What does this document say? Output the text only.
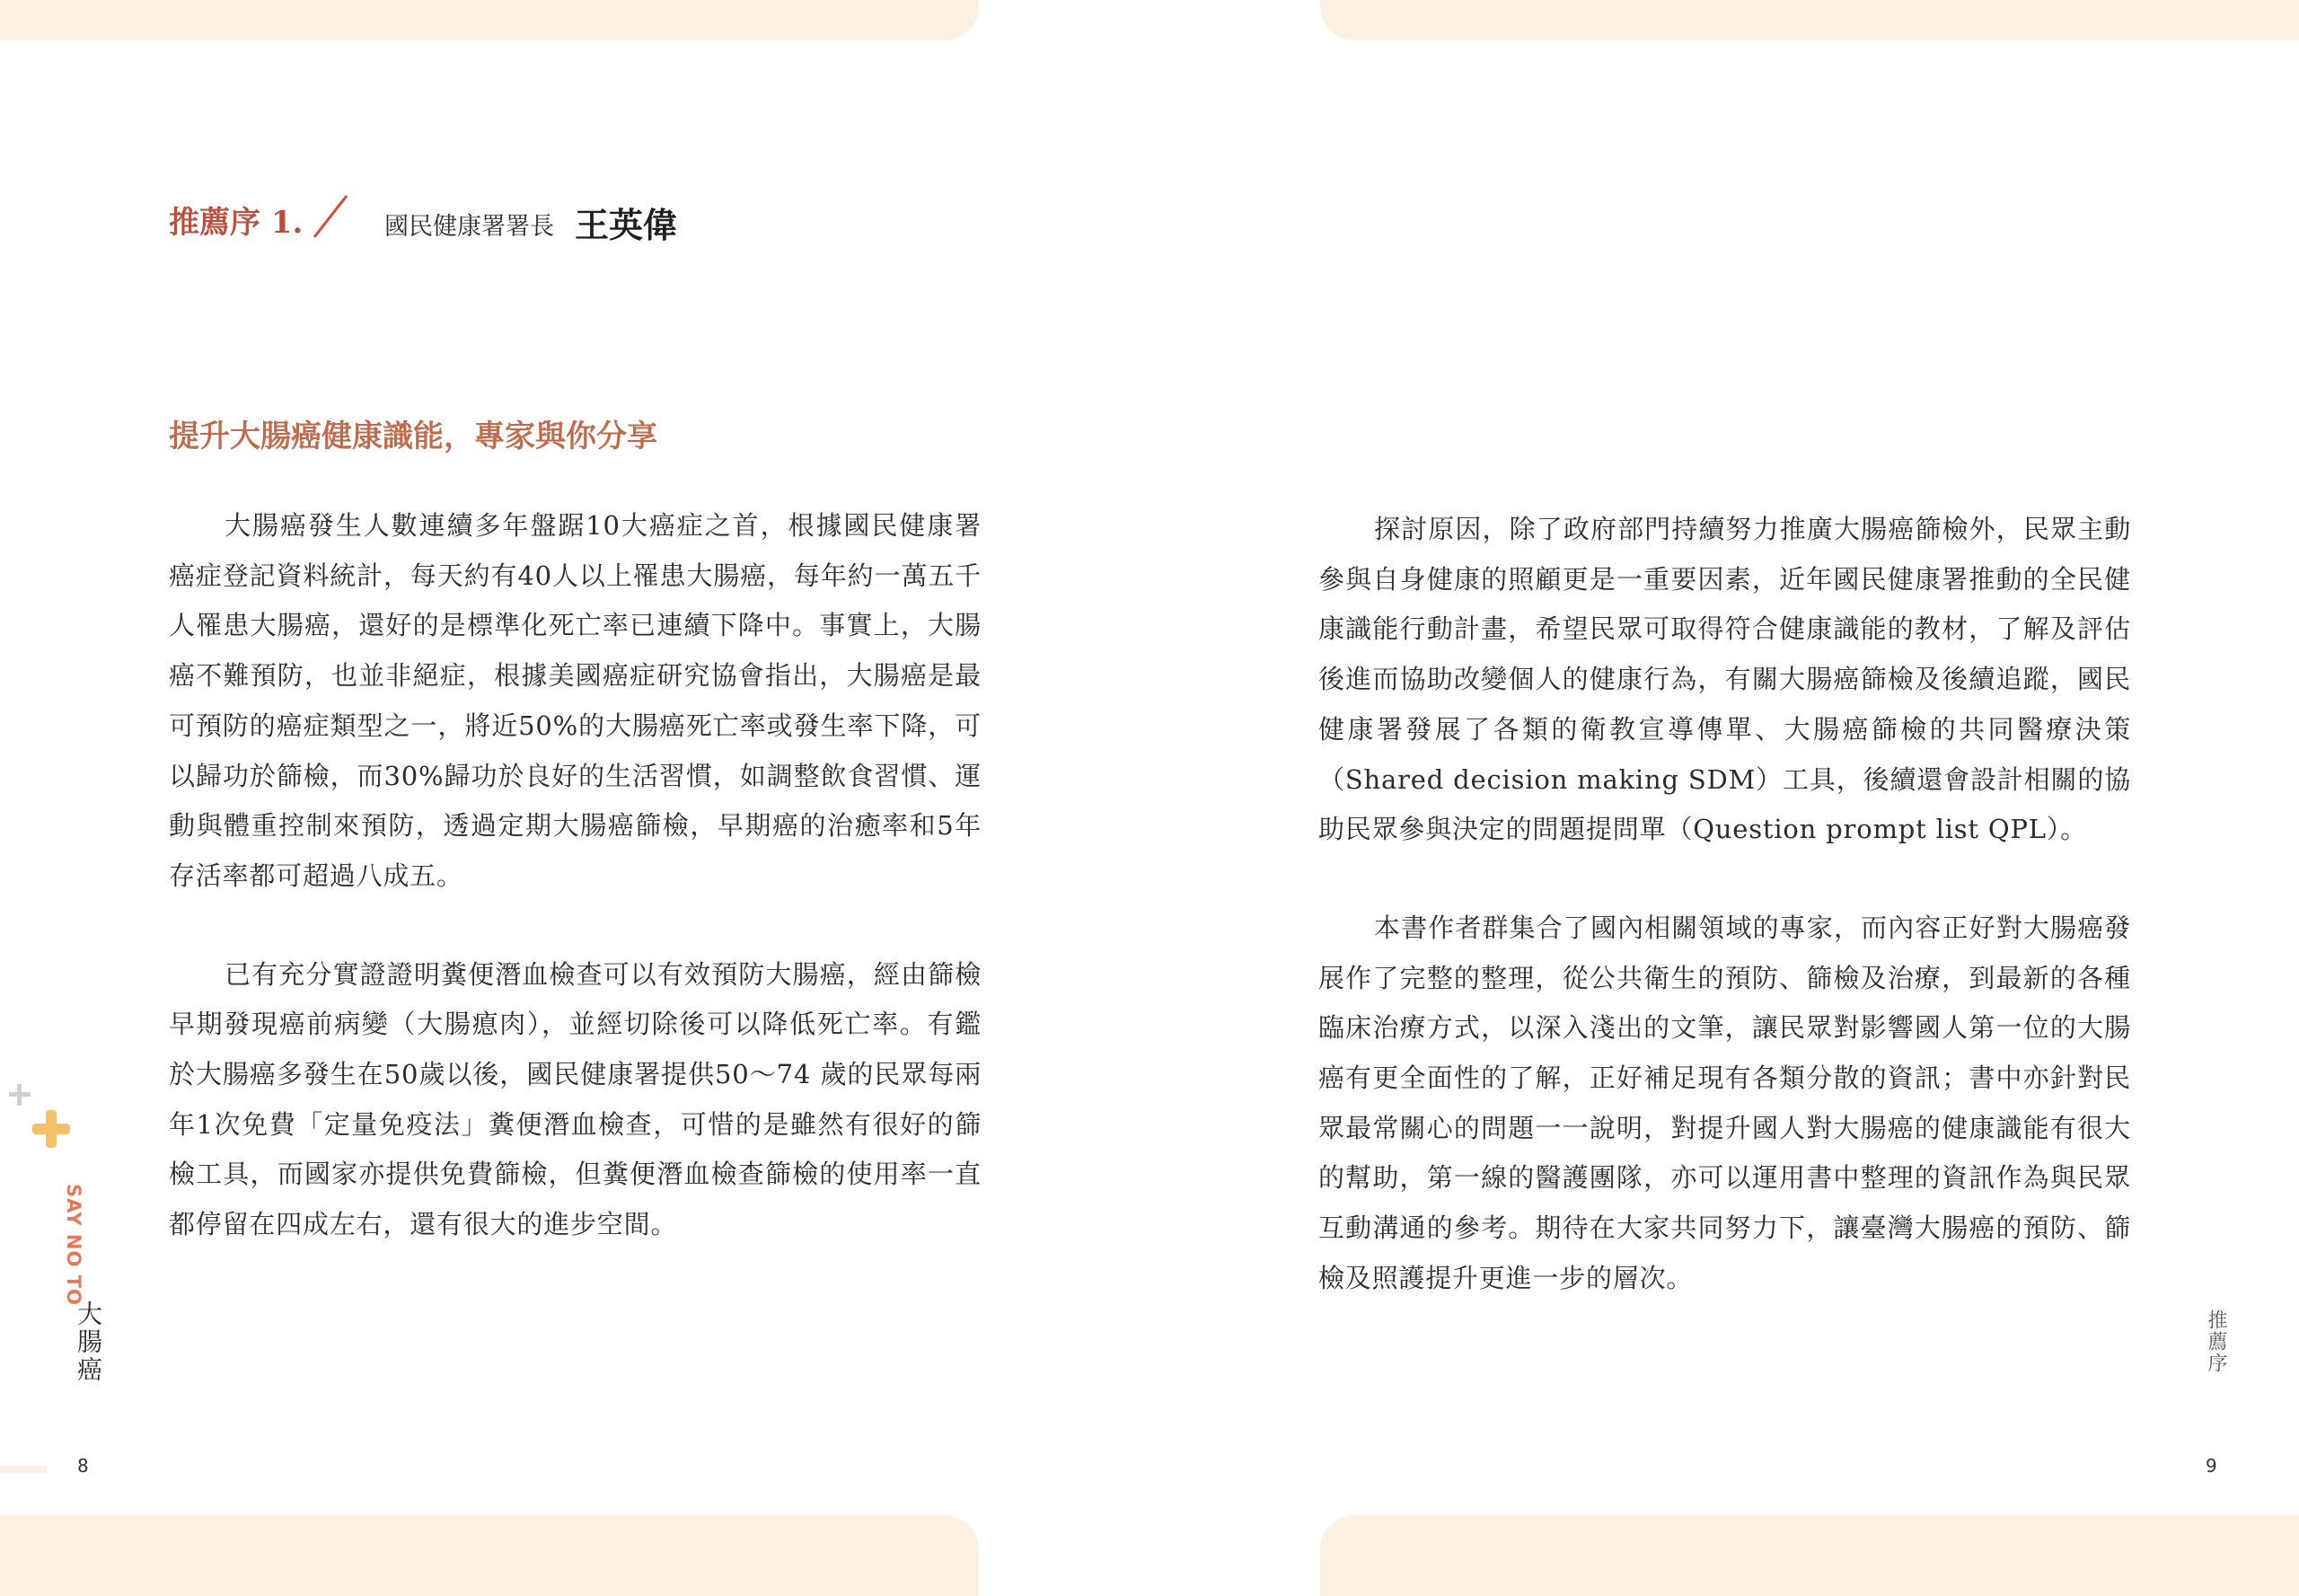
推薦序 1.	國民健康署署長 王英偉
提升大腸癌健康識能，專家與你分享

大腸癌發生人數連續多年盤踞10大癌症之首，根據國民健康署癌症登記資料統計，每天約有40人以上罹患大腸癌，每年約一萬五千人罹患大腸癌，還好的是標準化死亡率已連續下降中。事實上，大腸癌不難預防，也並非絕症，根據美國癌症研究協會指出，大腸癌是最可預防的癌症類型之一，將近50%的大腸癌死亡率或發生率下降，可以歸功於篩檢，而30%歸功於良好的生活習慣，如調整飲食習慣、運動與體重控制來預防，透過定期大腸癌篩檢，早期癌的治癒率和5年存活率都可超過八成五。

已有充分實證證明糞便潛血檢查可以有效預防大腸癌，經由篩檢早期發現癌前病變（大腸瘜肉），並經切除後可以降低死亡率。有鑑於大腸癌多發生在50歲以後，國民健康署提供50～74 歲的民眾每兩年1次免費「定量免疫法」糞便潛血檢查，可惜的是雖然有很好的篩檢工具，而國家亦提供免費篩檢，但糞便潛血檢查篩檢的使用率一直都停留在四成左右，還有很大的進步空間。

探討原因，除了政府部門持續努力推廣大腸癌篩檢外，民眾主動參與自身健康的照顧更是一重要因素，近年國民健康署推動的全民健康識能行動計畫，希望民眾可取得符合健康識能的教材，了解及評估後進而協助改變個人的健康行為，有關大腸癌篩檢及後續追蹤，國民健康署發展了各類的衛教宣導傳單、大腸癌篩檢的共同醫療決策（Shared decision making SDM）工具，後續還會設計相關的協助民眾參與決定的問題提問單（Question prompt list QPL）。

本書作者群集合了國內相關領域的專家，而內容正好對大腸癌發展作了完整的整理，從公共衛生的預防、篩檢及治療，到最新的各種臨床治療方式，以深入淺出的文筆，讓民眾對影響國人第一位的大腸癌有更全面性的了解，正好補足現有各類分散的資訊；書中亦針對民眾最常關心的問題一一說明，對提升國人對大腸癌的健康識能有很大的幫助，第一線的醫護團隊，亦可以運用書中整理的資訊作為與民眾互動溝通的參考。期待在大家共同努力下，讓臺灣大腸癌的預防、篩檢及照護提升更進一步的層次。

SAY NO TO
大腸癌	推薦序
8	9
